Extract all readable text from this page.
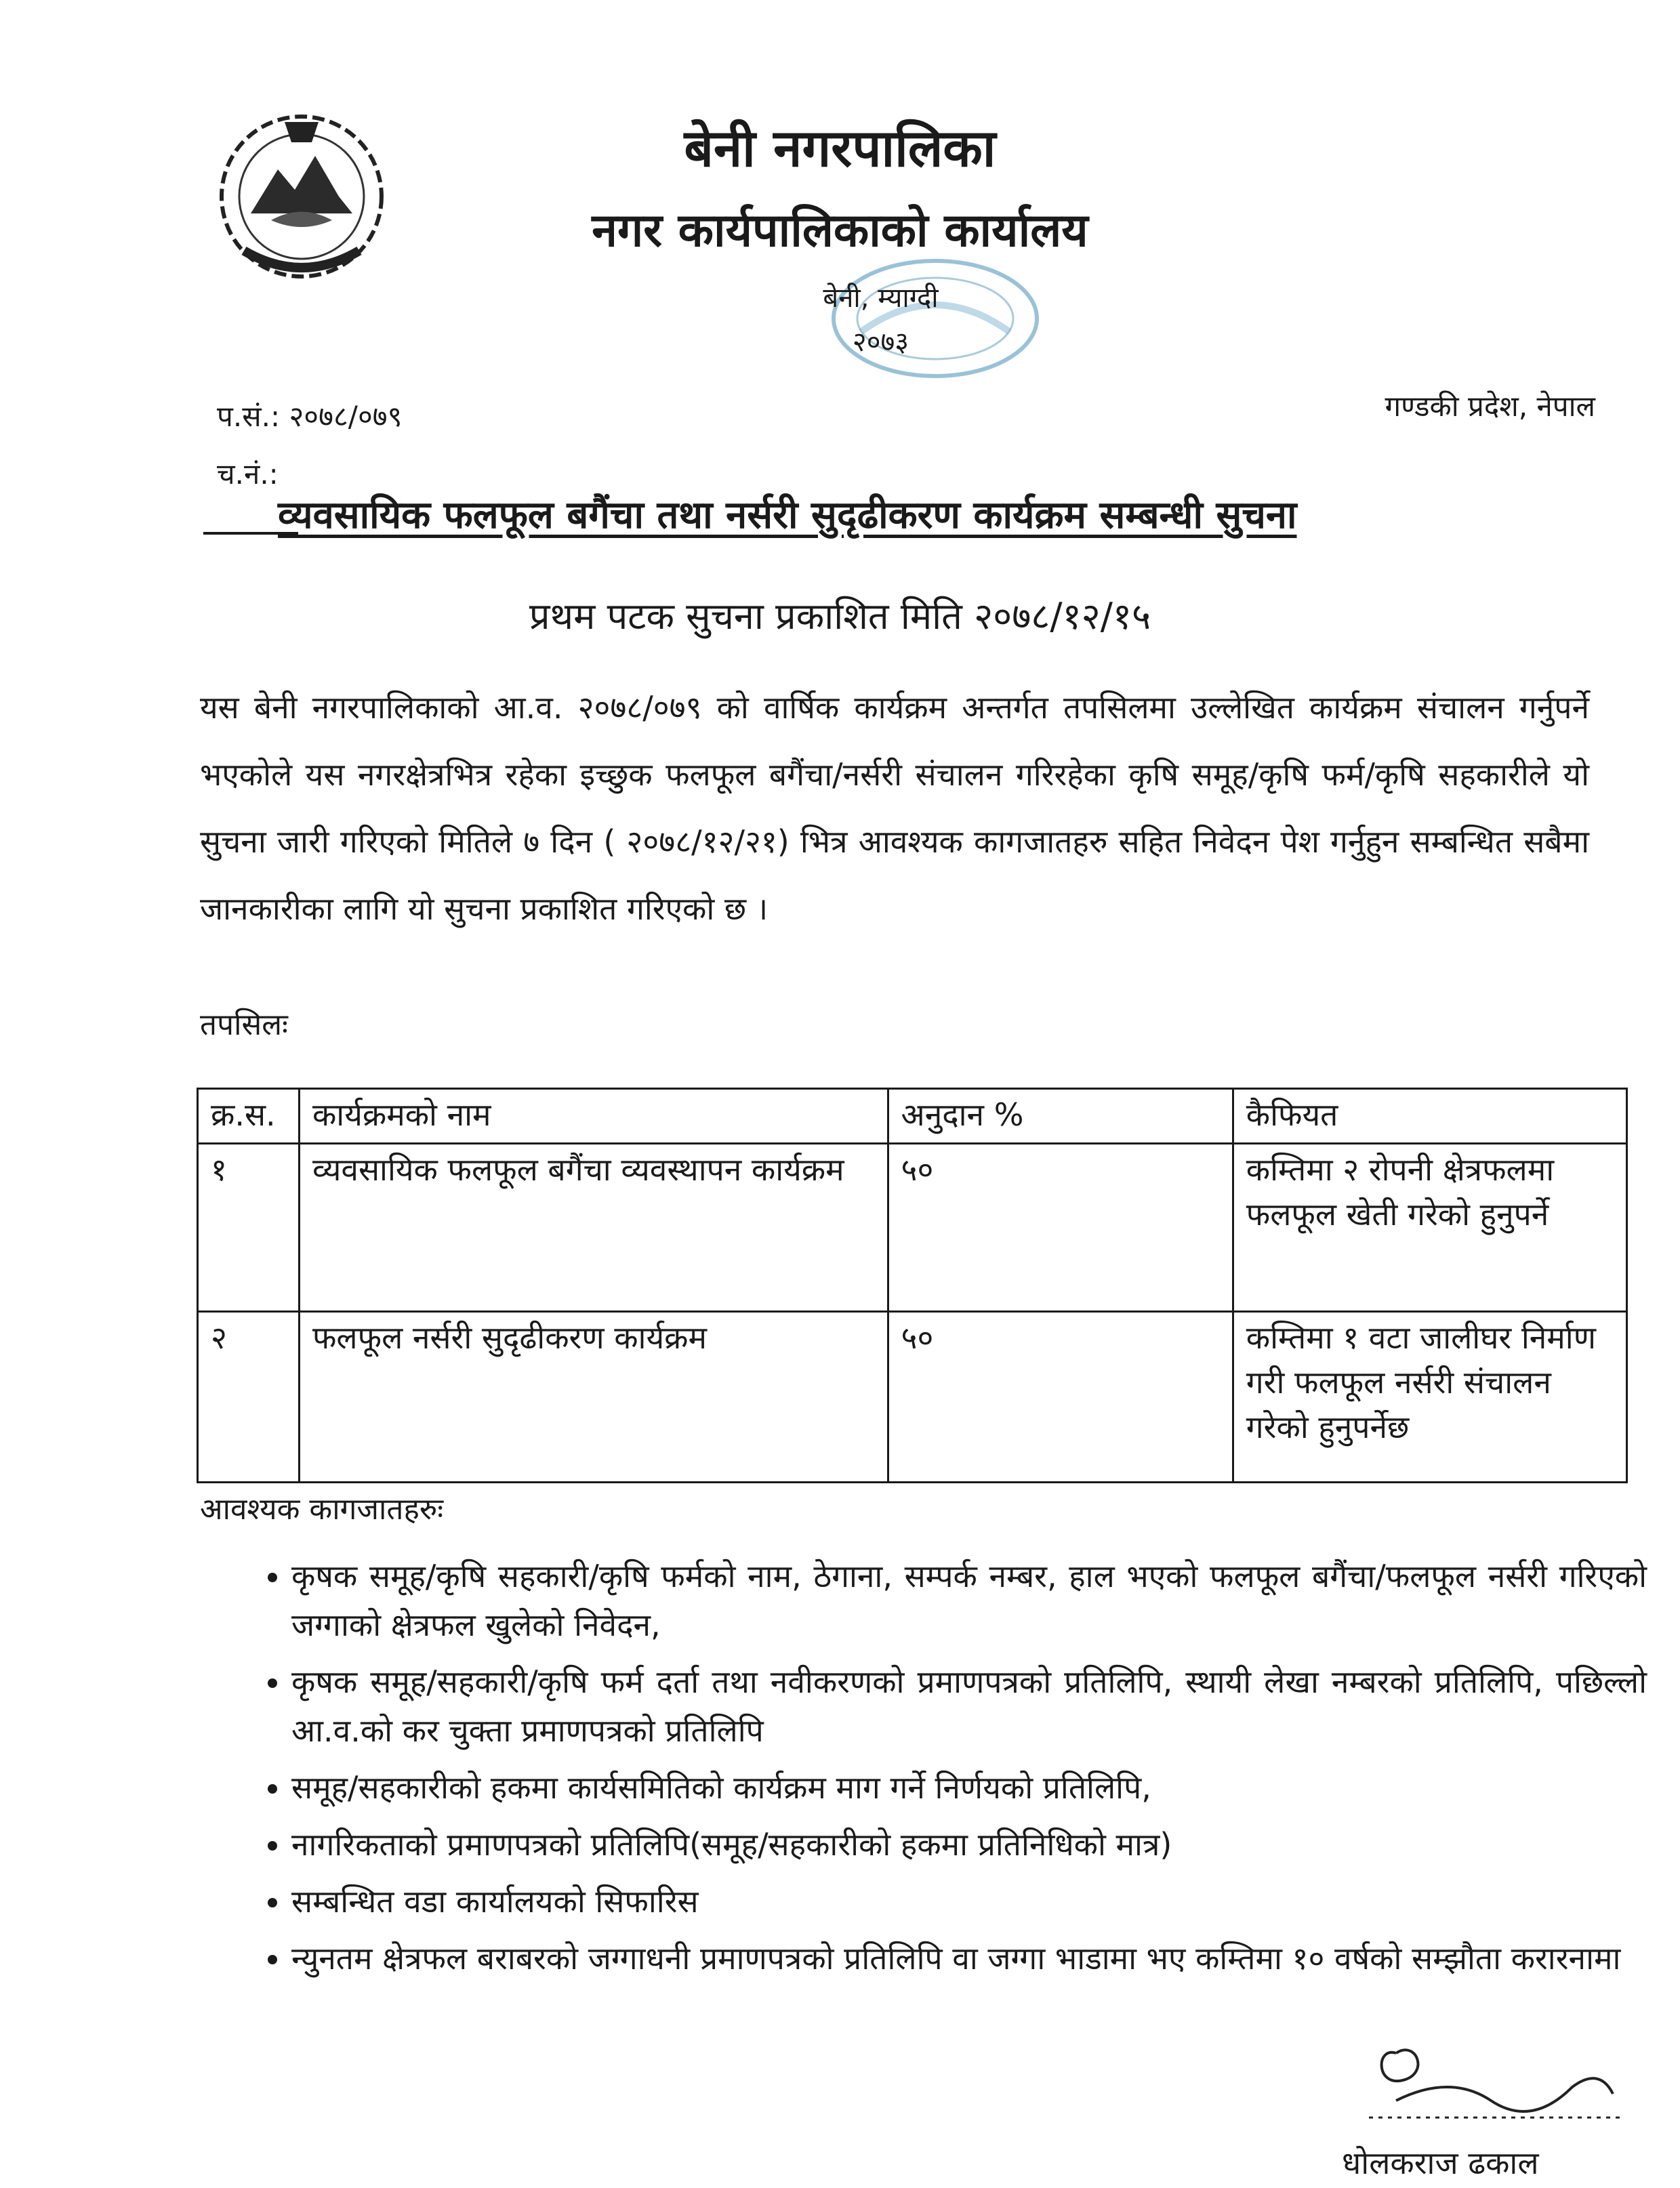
बेनी नगरपालिका
नगर कार्यपालिकाको कार्यालय
बेनी, म्याग्दी
२०७३
प.सं.: २०७८/०७९
च.नं.:
गण्डकी प्रदेश, नेपाल
व्यवसायिक फलफूल बगैंचा तथा नर्सरी सुदृढीकरण कार्यक्रम सम्बन्धी सुचना
प्रथम पटक सुचना प्रकाशित मिति २०७८/१२/१५
यस बेनी नगरपालिकाको आ.व. २०७८/०७९ को वार्षिक कार्यक्रम अन्तर्गत तपसिलमा उल्लेखित कार्यक्रम संचालन गर्नुपर्ने भएकोले यस नगरक्षेत्रभित्र रहेका इच्छुक फलफूल बगैंचा/नर्सरी संचालन गरिरहेका कृषि समूह/कृषि फर्म/कृषि सहकारीले यो सुचना जारी गरिएको मितिले ७ दिन ( २०७८/१२/२१) भित्र आवश्यक कागजातहरु सहित निवेदन पेश गर्नुहुन सम्बन्धित सबैमा जानकारीका लागि यो सुचना प्रकाशित गरिएको छ ।
तपसिलः
क्र.स.	कार्यक्रमको नाम	अनुदान %	कैफियत
१	व्यवसायिक फलफूल बगैंचा व्यवस्थापन कार्यक्रम	५०	कम्तिमा २ रोपनी क्षेत्रफलमा फलफूल खेती गरेको हुनुपर्ने
२	फलफूल नर्सरी सुदृढीकरण कार्यक्रम	५०	कम्तिमा १ वटा जालीघर निर्माण गरी फलफूल नर्सरी संचालन गरेको हुनुपर्नेछ
आवश्यक कागजातहरुः
• कृषक समूह/कृषि सहकारी/कृषि फर्मको नाम, ठेगाना, सम्पर्क नम्बर, हाल भएको फलफूल बगैंचा/फलफूल नर्सरी गरिएको जग्गाको क्षेत्रफल खुलेको निवेदन,
• कृषक समूह/सहकारी/कृषि फर्म दर्ता तथा नवीकरणको प्रमाणपत्रको प्रतिलिपि, स्थायी लेखा नम्बरको प्रतिलिपि, पछिल्लो आ.व.को कर चुक्ता प्रमाणपत्रको प्रतिलिपि
• समूह/सहकारीको हकमा कार्यसमितिको कार्यक्रम माग गर्ने निर्णयको प्रतिलिपि,
• नागरिकताको प्रमाणपत्रको प्रतिलिपि(समूह/सहकारीको हकमा प्रतिनिधिको मात्र)
• सम्बन्धित वडा कार्यालयको सिफारिस
• न्युनतम क्षेत्रफल बराबरको जग्गाधनी प्रमाणपत्रको प्रतिलिपि वा जग्गा भाडामा भए कम्तिमा १० वर्षको सम्झौता करारनामा
धोलकराज ढकाल
